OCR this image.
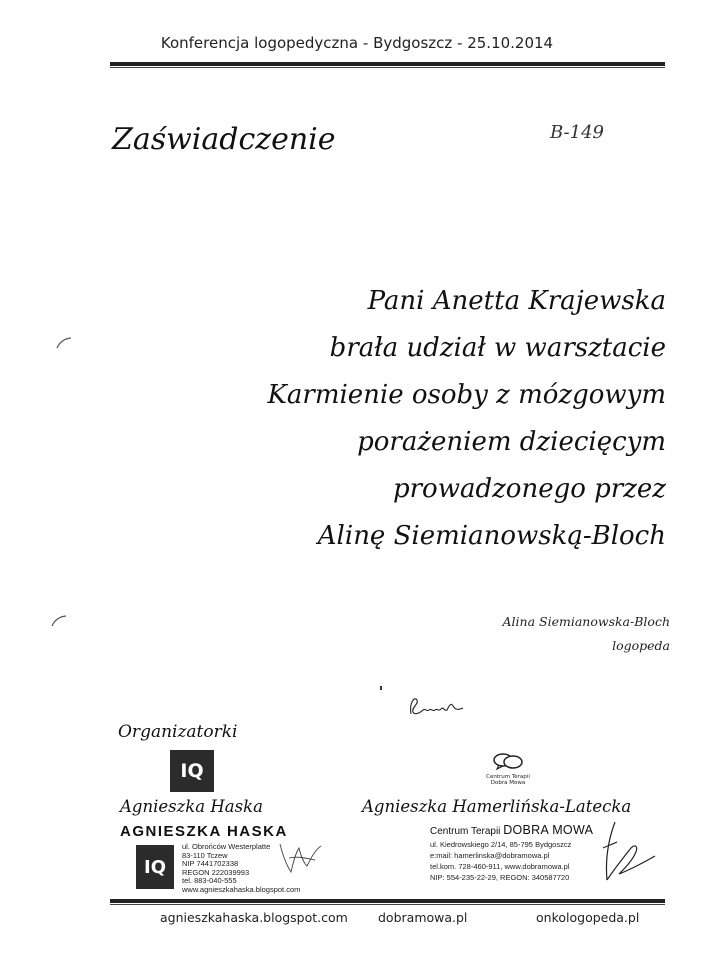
Konferencja logopedyczna - Bydgoszcz - 25.10.2014
Zaświadczenie	B-149
Pani Anetta Krajewska
brała udział w warsztacie
Karmienie osoby z mózgowym
porażeniem dziecięcym
prowadzonego przez
Alinę Siemianowską-Bloch
Alina Siemianowska-Bloch
logopeda
Organizatorki
IQ	Centrum Terapii Dobra Mowa
Agnieszka Haska	Agnieszka Hamerlińska-Latecka
AGNIESZKA HASKA
IQ
ul. Obrońców Westerplatte
83-110 Tczew
NIP 7441702338
REGON 222039993
tel. 883-040-555
www.agnieszkahaska.blogspot.com
Centrum Terapii DOBRA MOWA
ul. Kiedrowskiego 2/14, 85-795 Bydgoszcz
e:mail: hamerlinska@dobramowa.pl
tel.kom. 728-460-911, www.dobramowa.pl
NIP: 554-235-22-29, REGON: 340587720
agnieszkahaska.blogspot.com dobramowa.pl	onkologopeda.pl
